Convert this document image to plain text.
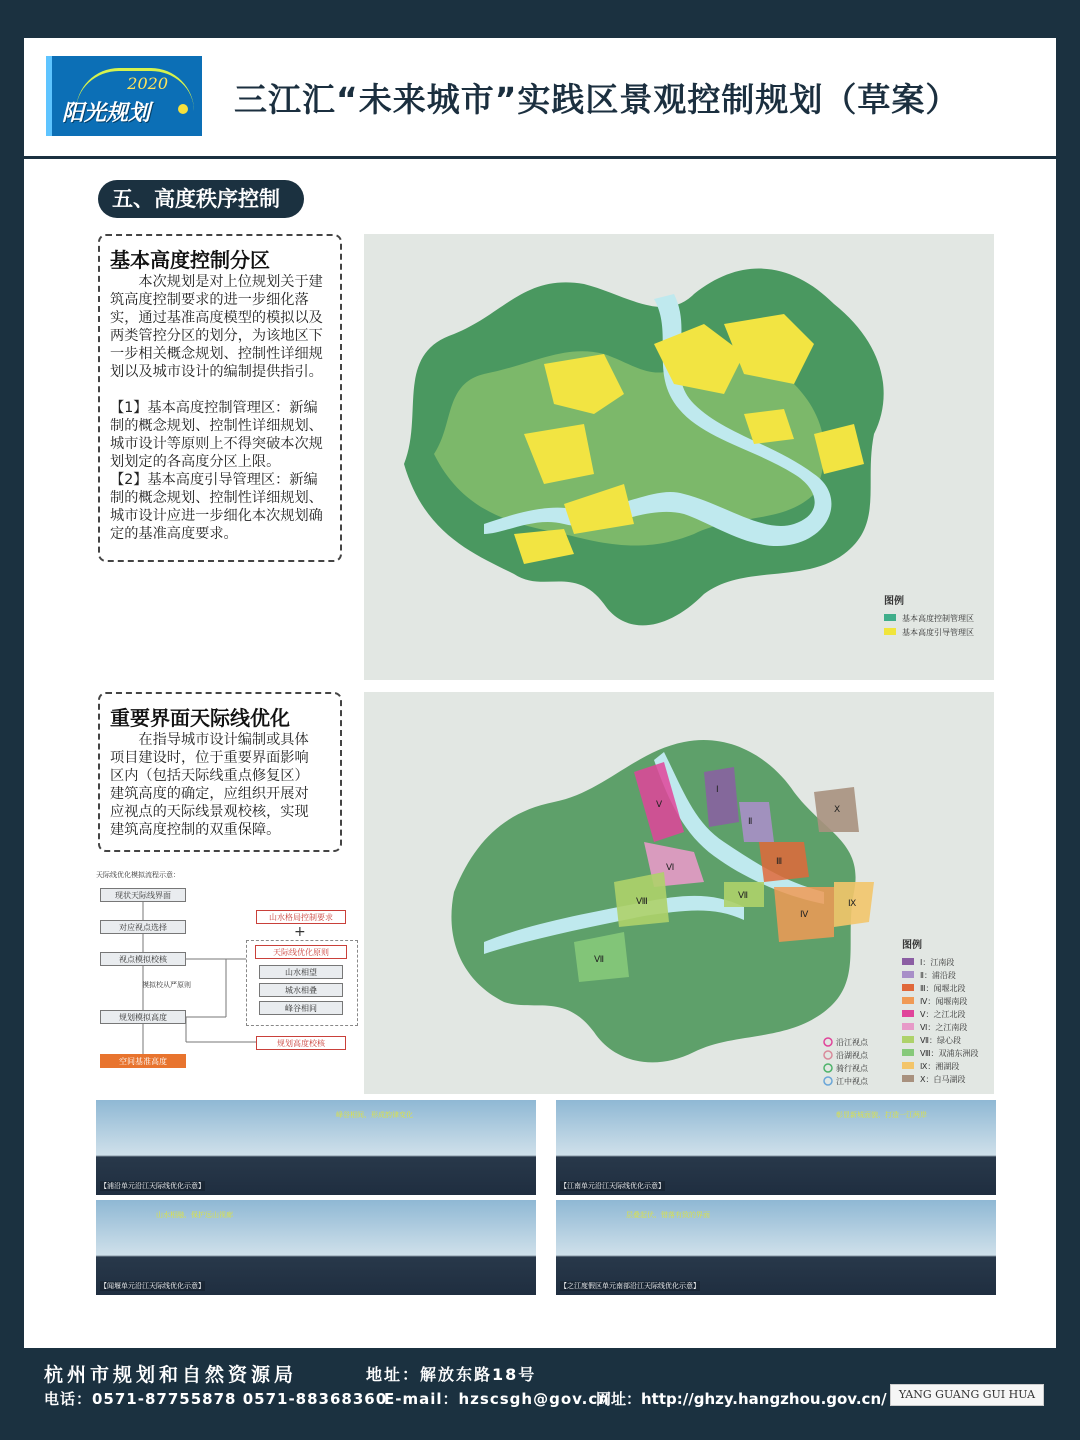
2020
阳光规划	三江汇“未来城市”实践区景观控制规划（草案）
五、高度秩序控制
基本高度控制分区

本次规划是对上位规划关于建

筑高度控制要求的进一步细化落

实，通过基准高度模型的模拟以及

两类管控分区的划分，为该地区下

一步相关概念规划、控制性详细规

划以及城市设计的编制提供指引。

【1】基本高度控制管理区：新编

制的概念规划、控制性详细规划、

城市设计等原则上不得突破本次规

划划定的各高度分区上限。

【2】基本高度引导管理区：新编

制的概念规划、控制性详细规划、

城市设计应进一步细化本次规划确

定的基准高度要求。

图例
基本高度控制管理区
基本高度引导管理区
重要界面天际线优化

在指导城市设计编制或具体

项目建设时，位于重要界面影响

区内（包括天际线重点修复区）

建筑高度的确定，应组织开展对

应视点的天际线景观校核，实现

建筑高度控制的双重保障。

天际线优化模拟流程示意：
现状天际线界面
对应视点选择
视点模拟校核
模拟校从严原则
规划模拟高度
空间基准高度
山水格局控制要求
+
天际线优化原则
山水相望
城水相叠
峰谷相间
规划高度校核
Ⅴ
Ⅵ
Ⅰ
Ⅱ
Ⅲ
Ⅳ
Ⅸ
Ⅹ
Ⅷ
Ⅶ
Ⅶ
图例
Ⅰ：江南段
Ⅱ：浦沿段
Ⅲ：闻堰北段
Ⅳ：闻堰南段
Ⅴ：之江北段
Ⅵ：之江南段
Ⅶ：绿心段
Ⅷ：双浦东洲段
Ⅸ：湘湖段
Ⅹ：白马湖段
沿江视点
沿湖视点
骑行视点
江中视点
峰谷相间、形成韵律变化
【浦沿单元沿江天际线优化示意】
彰显新城面貌、打造一江两岸
【江南单元沿江天际线优化示意】
山水相融、保护远山视廊
【闻堰单元沿江天际线优化示意】
层叠起伏、错落有致的界面
【之江度假区单元南部沿江天际线优化示意】
杭州市规划和自然资源局	地址：解放东路18号
电话：0571-87755878 0571-88368360
E-mail：hzscsgh@gov.cn
网址：http://ghzy.hangzhou.gov.cn/	YANG GUANG GUI HUA
